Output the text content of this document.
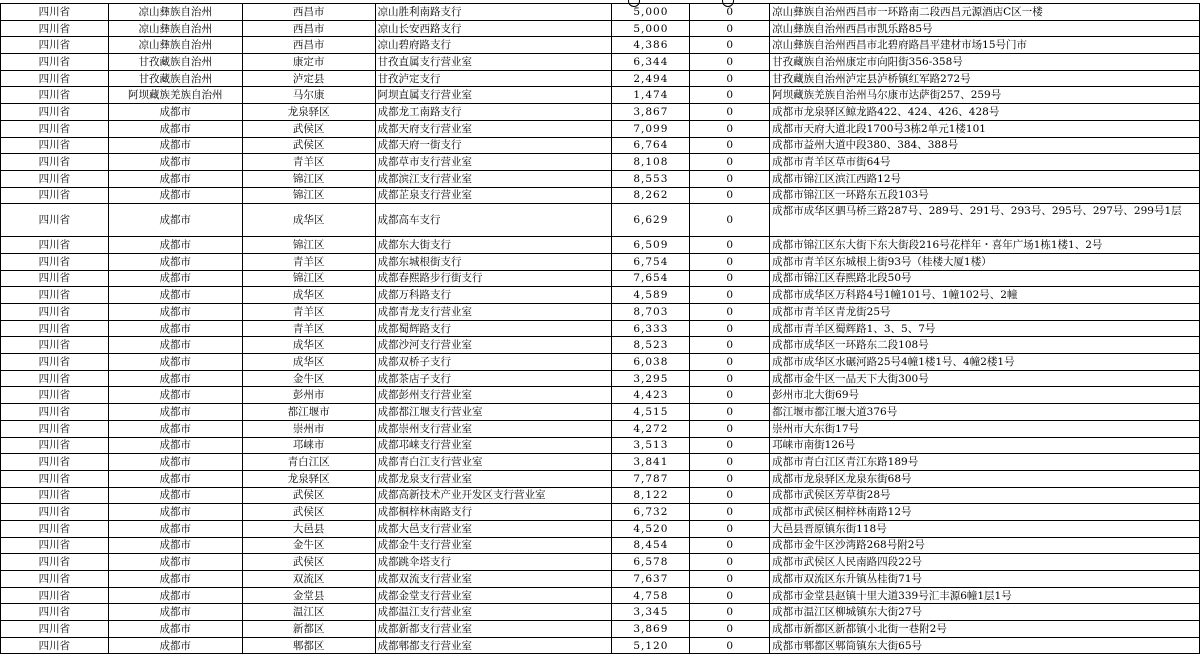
四川省	凉山彝族自治州	西昌市	凉山胜利南路支行	5,000	0	凉山彝族自治州西昌市一环路南二段西昌元源酒店C区一楼
四川省	凉山彝族自治州	西昌市	凉山长安西路支行	5,000	0	凉山彝族自治州西昌市凯乐路85号
四川省	凉山彝族自治州	西昌市	凉山碧府路支行	4,386	0	凉山彝族自治州西昌市北碧府路昌平建材市场15号门市
四川省	甘孜藏族自治州	康定市	甘孜直属支行营业室	6,344	0	甘孜藏族自治州康定市向阳街356-358号
四川省	甘孜藏族自治州	泸定县	甘孜泸定支行	2,494	0	甘孜藏族自治州泸定县泸桥镇红军路272号
四川省	阿坝藏族羌族自治州	马尔康	阿坝直属支行营业室	1,474	0	阿坝藏族羌族自治州马尔康市达萨街257、259号
四川省	成都市	龙泉驿区	成都龙工南路支行	3,867	0	成都市龙泉驿区鲸龙路422、424、426、428号
四川省	成都市	武侯区	成都天府支行营业室	7,099	0	成都市天府大道北段1700号3栋2单元1楼101
四川省	成都市	武侯区	成都天府一街支行	6,764	0	成都市益州大道中段380、384、388号
四川省	成都市	青羊区	成都草市支行营业室	8,108	0	成都市青羊区草市街64号
四川省	成都市	锦江区	成都滨江支行营业室	8,553	0	成都市锦江区滨江西路12号
四川省	成都市	锦江区	成都芷泉支行营业室	8,262	0	成都市锦江区一环路东五段103号
四川省	成都市	成华区	成都高车支行	6,629	0	成都市成华区驷马桥三路287号、289号、291号、293号、295号、297号、299号1层
四川省	成都市	锦江区	成都东大街支行	6,509	0	成都市锦江区东大街下东大街段216号花样年・喜年广场1栋1楼1、2号
四川省	成都市	青羊区	成都东城根街支行	6,754	0	成都市青羊区东城根上街93号（桂楼大厦1楼）
四川省	成都市	锦江区	成都春熙路步行街支行	7,654	0	成都市锦江区春熙路北段50号
四川省	成都市	成华区	成都万科路支行	4,589	0	成都市成华区万科路4号1幢101号、1幢102号、2幢
四川省	成都市	青羊区	成都青龙支行营业室	8,703	0	成都市青羊区青龙街25号
四川省	成都市	青羊区	成都蜀辉路支行	6,333	0	成都市青羊区蜀辉路1、3、5、7号
四川省	成都市	成华区	成都沙河支行营业室	8,523	0	成都市成华区一环路东二段108号
四川省	成都市	成华区	成都双桥子支行	6,038	0	成都市成华区水碾河路25号4幢1楼1号、4幢2楼1号
四川省	成都市	金牛区	成都茶店子支行	3,295	0	成都市金牛区一品天下大街300号
四川省	成都市	彭州市	成都彭州支行营业室	4,423	0	彭州市北大街69号
四川省	成都市	都江堰市	成都都江堰支行营业室	4,515	0	都江堰市都江堰大道376号
四川省	成都市	崇州市	成都崇州支行营业室	4,272	0	崇州市大东街17号
四川省	成都市	邛崃市	成都邛崃支行营业室	3,513	0	邛崃市南街126号
四川省	成都市	青白江区	成都青白江支行营业室	3,841	0	成都市青白江区青江东路189号
四川省	成都市	龙泉驿区	成都龙泉支行营业室	7,787	0	成都市龙泉驿区龙泉东街68号
四川省	成都市	武侯区	成都高新技术产业开发区支行营业室	8,122	0	成都市武侯区芳草街28号
四川省	成都市	武侯区	成都桐梓林南路支行	6,732	0	成都市武侯区桐梓林南路12号
四川省	成都市	大邑县	成都大邑支行营业室	4,520	0	大邑县晋原镇东街118号
四川省	成都市	金牛区	成都金牛支行营业室	8,454	0	成都市金牛区沙湾路268号附2号
四川省	成都市	武侯区	成都跳伞塔支行	6,578	0	成都市武侯区人民南路四段22号
四川省	成都市	双流区	成都双流支行营业室	7,637	0	成都市双流区东升镇丛桂街71号
四川省	成都市	金堂县	成都金堂支行营业室	4,758	0	成都市金堂县赵镇十里大道339号汇丰源6幢1层1号
四川省	成都市	温江区	成都温江支行营业室	3,345	0	成都市温江区柳城镇东大街27号
四川省	成都市	新都区	成都新都支行营业室	3,869	0	成都市新都区新都镇小北街一巷附2号
四川省	成都市	郫都区	成都郫都支行营业室	5,120	0	成都市郫都区郫筒镇东大街65号
